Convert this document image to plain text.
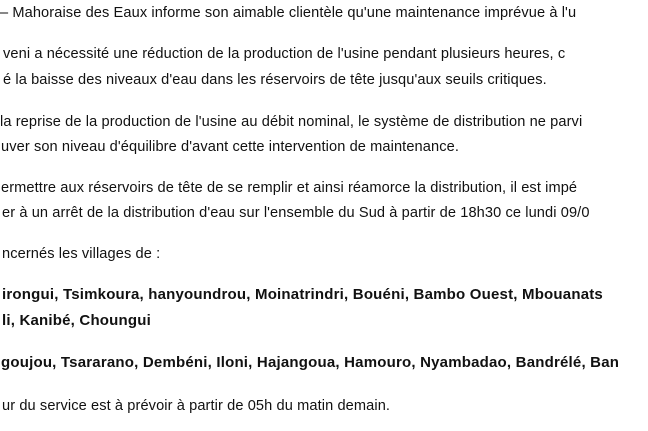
– Mahoraise des Eaux informe son aimable clientèle qu'une maintenance imprévue à l'u
veni a nécessité une réduction de la production de l'usine pendant plusieurs heures, c
é la baisse des niveaux d'eau dans les réservoirs de tête jusqu'aux seuils critiques.
la reprise de la production de l'usine au débit nominal, le système de distribution ne parvi
uver son niveau d'équilibre d'avant cette intervention de maintenance.
ermettre aux réservoirs de tête de se remplir et ainsi réamorce la distribution, il est impé
er à un arrêt de la distribution d'eau sur l'ensemble du Sud à partir de 18h30 ce lundi 09/0
ncernés les villages de :
irongui, Tsimkoura, hanyoundrou, Moinatrindri, Bouéni, Bambo Ouest, Mbouanats
li, Kanibé, Choungui
goujou, Tsararano, Dembéni, Iloni, Hajangoua, Hamouro, Nyambadao, Bandrélé, Ban
ur du service est à prévoir à partir de 05h du matin demain.
